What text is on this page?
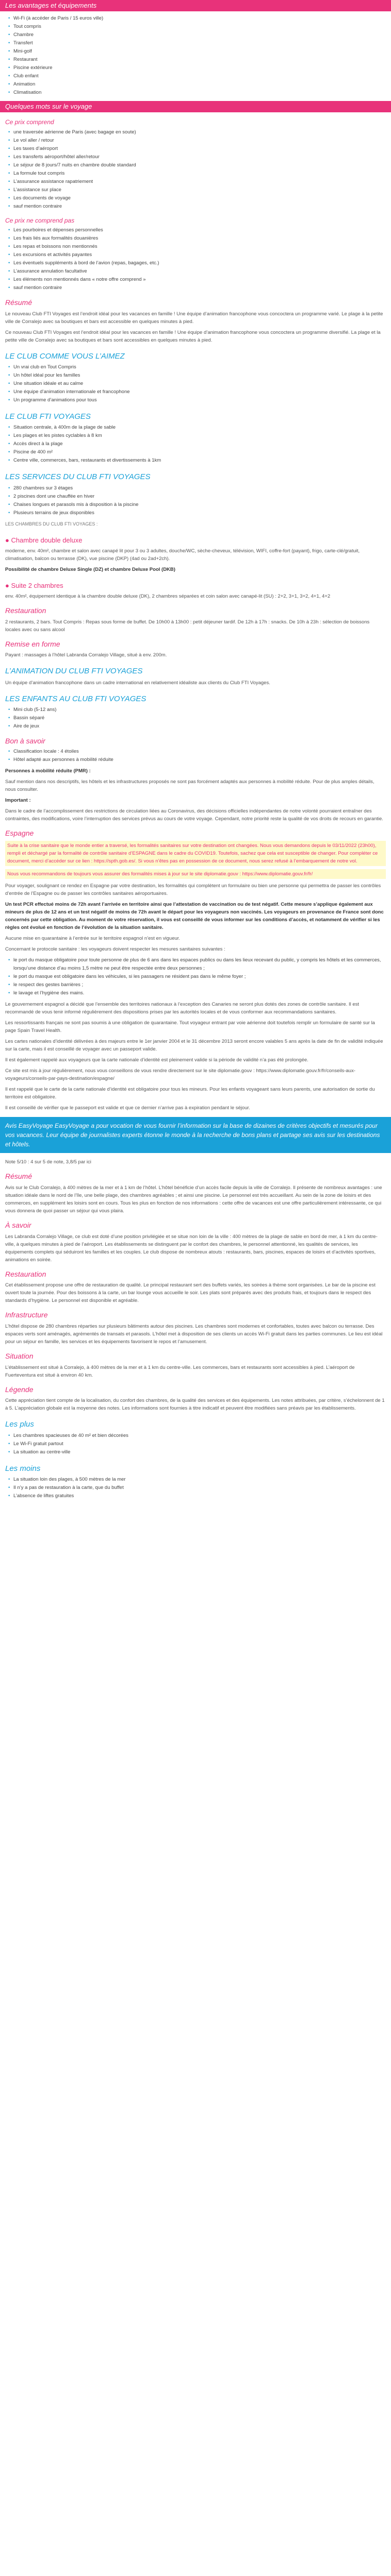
Les avantages et équipements
• Wi-Fi (à accéder de Paris / 15 euros ville)
• Tout compris
• Chambre
• Transfert
• Mini-golf
• Restaurant
• Piscine extérieure
• Club enfant
• Animation
• Climatisation
Quelques mots sur le voyage
Ce prix comprend
• une traversée aérienne de Paris (avec bagage en soute)
• Le vol aller / retour
• Les taxes d’aéroport
• Les transferts aéroport/hôtel aller/retour
• Le séjour de 8 jours/7 nuits en chambre double standard
• La formule tout compris
• L’assurance assistance rapatriement
• L’assistance sur place
• Les documents de voyage
• sauf mention contraire
Ce prix ne comprend pas
• Les pourboires et dépenses personnelles
• Les frais liés aux formalités douanières
• Les repas et boissons non mentionnés
• Les excursions et activités payantes
• Les éventuels suppléments à bord de l’avion (repas, bagages, etc.)
• L’assurance annulation facultative
• Les éléments non mentionnés dans « notre offre comprend »
• sauf mention contraire
Résumé

Le nouveau Club FTI Voyages est l’endroit idéal pour les vacances en famille ! Une équipe d’animation francophone vous concoctera un programme varié. Le plage à la petite ville de Corralejo avec sa boutiques et bars est accessible en quelques minutes à pied.

Ce nouveau Club FTI Voyages est l’endroit idéal pour les vacances en famille ! Une équipe d’animation francophone vous concoctera un programme diversifié. La plage et la petite ville de Corralejo avec sa boutiques et bars sont accessibles en quelques minutes à pied.

LE CLUB COMME VOUS L’AIMEZ
• Un vrai club en Tout Compris
• Un hôtel idéal pour les familles
• Une situation idéale et au calme
• Une équipe d’animation internationale et francophone
• Un programme d’animations pour tous
LE CLUB FTI VOYAGES
• Situation centrale, à 400m de la plage de sable
• Les plages et les pistes cyclables à 8 km
• Accès direct à la plage
• Piscine de 400 m²
• Centre ville, commerces, bars, restaurants et divertissements à 1km
LES SERVICES DU CLUB FTI VOYAGES
• 280 chambres sur 3 étages
• 2 piscines dont une chauffée en hiver
• Chaises longues et parasols mis à disposition à la piscine
• Plusieurs terrains de jeux disponibles

LES CHAMBRES DU CLUB FTI VOYAGES :

● Chambre double deluxe

moderne, env. 40m², chambre et salon avec canapé lit pour 3 ou 3 adultes, douche/WC, sèche-cheveux, télévision, WIFI, coffre-fort (payant), frigo, carte-clé/gratuit, climatisation, balcon ou terrasse (DK), vue piscine (DKP) (4ad ou 2ad+2ch).

Possibilité de chambre Deluxe Single (DZ) et chambre Deluxe Pool (DKB)

● Suite 2 chambres

env. 40m², équipement identique à la chambre double deluxe (DK), 2 chambres séparées et coin salon avec canapé-lit (SU) : 2+2, 3+1, 3+2, 4+1, 4+2

Restauration

2 restaurants, 2 bars. Tout Compris : Repas sous forme de buffet. De 10h00 à 13h00 : petit déjeuner tardif. De 12h à 17h : snacks. De 10h à 23h : sélection de boissons locales avec ou sans alcool

Remise en forme

Payant : massages à l’hôtel Labranda Corralejo Village, situé à env. 200m.

L’ANIMATION DU CLUB FTI VOYAGES

Un équipe d’animation francophone dans un cadre international en relativement idéaliste aux clients du Club FTI Voyages.

LES ENFANTS AU CLUB FTI VOYAGES
• Mini club (5-12 ans)
• Bassin séparé
• Aire de jeux
Bon à savoir
• Classification locale : 4 étoiles
• Hôtel adapté aux personnes à mobilité réduite

Personnes à mobilité réduite (PMR) :

Sauf mention dans nos descriptifs, les hôtels et les infrastructures proposés ne sont pas forcément adaptés aux personnes à mobilité réduite. Pour de plus amples détails, nous consulter.

Important :

Dans le cadre de l’accomplissement des restrictions de circulation liées au Coronavirus, des décisions officielles indépendantes de notre volonté pourraient entraîner des contraintes, des modifications, voire l’interruption des services prévus au cours de votre voyage. Cependant, notre priorité reste la qualité de vos droits de recours en garantie.

Espagne

Suite à la crise sanitaire que le monde entier a traversé, les formalités sanitaires sur votre destination ont changées. Nous vous demandons depuis le 03/11/2022 (23h00), rempli et déchargé par la formalité de contrôle sanitaire d’ESPAGNE dans le cadre du COVID19. Toutefois, sachez que cela est susceptible de changer. Pour compléter ce document, merci d’accéder sur ce lien : https://spth.gob.es/. Si vous n’êtes pas en possession de ce document, nous serez refusé à l’embarquement de notre vol.

Nous vous recommandons de toujours vous assurer des formalités mises à jour sur le site diplomatie.gouv : https://www.diplomatie.gouv.fr/fr/

Pour voyager, soulignant ce rendez en Espagne par votre destination, les formalités qui complètent un formulaire ou bien une personne qui permettra de passer les contrôles d’entrée de l’Espagne ou de passer les contrôles sanitaires aéroportuaires.

Un test PCR effectué moins de 72h avant l’arrivée en territoire ainsi que l’attestation de vaccination ou de test négatif. Cette mesure s’applique également aux mineurs de plus de 12 ans et un test négatif de moins de 72h avant le départ pour les voyageurs non vaccinés. Les voyageurs en provenance de France sont donc concernés par cette obligation. Au moment de votre réservation, il vous est conseillé de vous informer sur les conditions d’accès, et notamment de vérifier si les règles ont évolué en fonction de l’évolution de la situation sanitaire.

Aucune mise en quarantaine à l’entrée sur le territoire espagnol n’est en vigueur.

Concernant le protocole sanitaire : les voyageurs doivent respecter les mesures sanitaires suivantes :

• le port du masque obligatoire pour toute personne de plus de 6 ans dans les espaces publics ou dans les lieux recevant du public, y compris les hôtels et les commerces, lorsqu’une distance d’au moins 1,5 mètre ne peut être respectée entre deux personnes ;
• le port du masque est obligatoire dans les véhicules, si les passagers ne résident pas dans le même foyer ;
• le respect des gestes barrières ;
• le lavage et l’hygiène des mains.

Le gouvernement espagnol a décidé que l’ensemble des territoires nationaux à l’exception des Canaries ne seront plus dotés des zones de contrôle sanitaire. Il est recommandé de vous tenir informé régulièrement des dispositions prises par les autorités locales et de vous conformer aux recommandations sanitaires.

Les ressortissants français ne sont pas soumis à une obligation de quarantaine. Tout voyageur entrant par voie aérienne doit toutefois remplir un formulaire de santé sur la page Spain Travel Health.

Les cartes nationales d’identité délivrées à des majeurs entre le 1er janvier 2004 et le 31 décembre 2013 seront encore valables 5 ans après la date de fin de validité indiquée sur la carte, mais il est conseillé de voyager avec un passeport valide.

Il est également rappelé aux voyageurs que la carte nationale d’identité est pleinement valide si la période de validité n’a pas été prolongée.

Ce site est mis à jour régulièrement, nous vous conseillons de vous rendre directement sur le site diplomatie.gouv : https://www.diplomatie.gouv.fr/fr/conseils-aux-voyageurs/conseils-par-pays-destination/espagne/

Il est rappelé que le carte de la carte nationale d’identité est obligatoire pour tous les mineurs. Pour les enfants voyageant sans leurs parents, une autorisation de sortie du territoire est obligatoire.

Il est conseillé de vérifier que le passeport est valide et que ce dernier n’arrive pas à expiration pendant le séjour.

Avis EasyVoyage EasyVoyage a pour vocation de vous fournir l’information sur la base de dizaines de critères objectifs et mesurés pour vos vacances. Leur équipe de journalistes experts étonne le monde à la recherche de bons plans et partage ses avis sur les destinations et hôtels.

Note 5/10 : 4 sur 5 de note, 3,8/5 par ici

Résumé

Avis sur le Club Corralejo, à 400 mètres de la mer et à 1 km de l’hôtel. L’hôtel bénéficie d’un accès facile depuis la ville de Corralejo. Il présente de nombreux avantages : une situation idéale dans le nord de l’île, une belle plage, des chambres agréables ; et ainsi une piscine. Le personnel est très accueillant. Au sein de la zone de loisirs et des commerces, en supplément les loisirs sont en cours. Tous les plus en fonction de nos informations : cette offre de vacances est une offre particulièrement intéressante, ce qui vous donnera de quoi passer un séjour qui vous plaira.

À savoir

Les Labranda Corralejo Village, ce club est doté d’une position privilégiée et se situe non loin de la ville : 400 mètres de la plage de sable en bord de mer, à 1 km du centre-ville, à quelques minutes à pied de l’aéroport. Les établissements se distinguent par le confort des chambres, le personnel attentionné, les qualités de services, les équipements complets qui séduiront les familles et les couples. Le club dispose de nombreux atouts : restaurants, bars, piscines, espaces de loisirs et d’activités sportives, animations en soirée.

Restauration

Cet établissement propose une offre de restauration de qualité. Le principal restaurant sert des buffets variés, les soirées à thème sont organisées. Le bar de la piscine est ouvert toute la journée. Pour des boissons à la carte, un bar lounge vous accueille le soir. Les plats sont préparés avec des produits frais, et toujours dans le respect des standards d’hygiène. Le personnel est disponible et agréable.

Infrastructure

L’hôtel dispose de 280 chambres réparties sur plusieurs bâtiments autour des piscines. Les chambres sont modernes et confortables, toutes avec balcon ou terrasse. Des espaces verts sont aménagés, agrémentés de transats et parasols. L’hôtel met à disposition de ses clients un accès Wi-Fi gratuit dans les parties communes. Le lieu est idéal pour un séjour en famille, les services et les équipements favorisent le repos et l’amusement.

Situation

L’établissement est situé à Corralejo, à 400 mètres de la mer et à 1 km du centre-ville. Les commerces, bars et restaurants sont accessibles à pied. L’aéroport de Fuerteventura est situé à environ 40 km.

Légende

Cette appréciation tient compte de la localisation, du confort des chambres, de la qualité des services et des équipements. Les notes attribuées, par critère, s’échelonnent de 1 à 5. L’appréciation globale est la moyenne des notes. Les informations sont fournies à titre indicatif et peuvent être modifiées sans préavis par les établissements.

Les plus
• Les chambres spacieuses de 40 m² et bien décorées
• Le Wi-Fi gratuit partout
• La situation au centre-ville
Les moins
• La situation loin des plages, à 500 mètres de la mer
• Il n’y a pas de restauration à la carte, que du buffet
• L’absence de liftes gratuites
